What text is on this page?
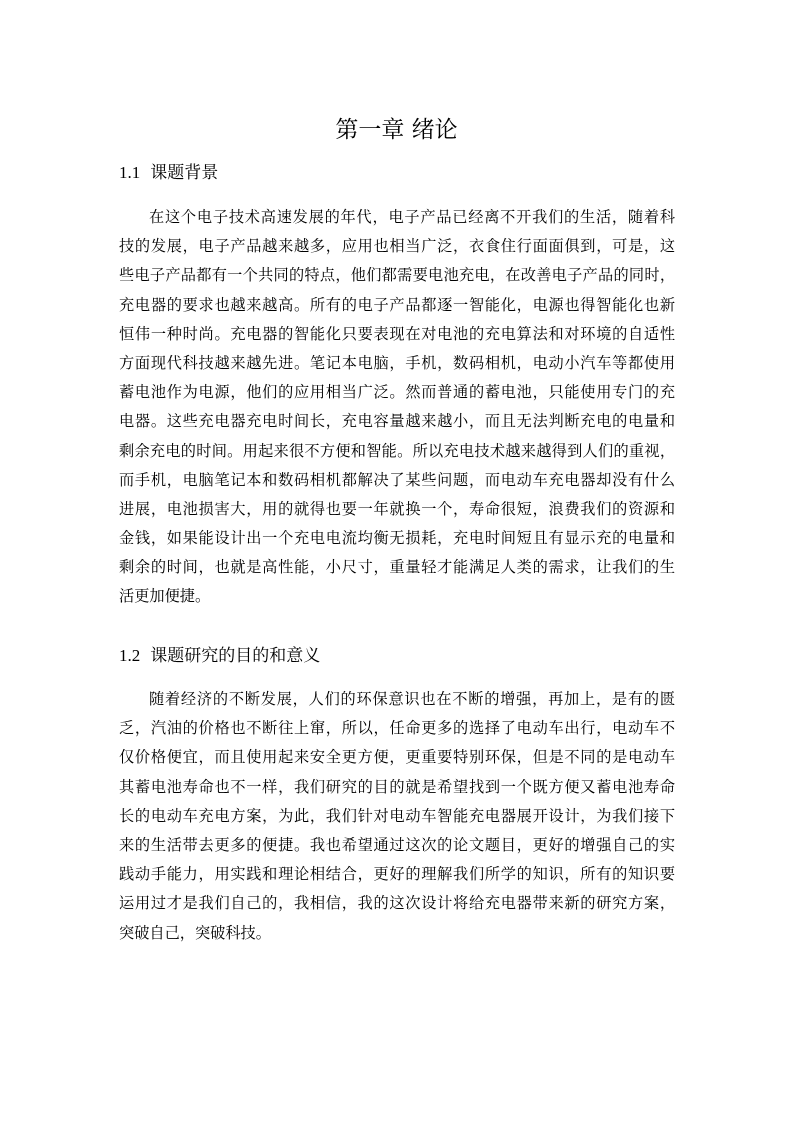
第一章 绪论
1.1 课题背景
在这个电子技术高速发展的年代，电子产品已经离不开我们的生活，随着科
技的发展，电子产品越来越多，应用也相当广泛，衣食住行面面俱到，可是，这
些电子产品都有一个共同的特点，他们都需要电池充电，在改善电子产品的同时，
充电器的要求也越来越高。所有的电子产品都逐一智能化，电源也得智能化也新
恒伟一种时尚。充电器的智能化只要表现在对电池的充电算法和对环境的自适性
方面现代科技越来越先进。笔记本电脑，手机，数码相机，电动小汽车等都使用
蓄电池作为电源，他们的应用相当广泛。然而普通的蓄电池，只能使用专门的充
电器。这些充电器充电时间长，充电容量越来越小，而且无法判断充电的电量和
剩余充电的时间。用起来很不方便和智能。所以充电技术越来越得到人们的重视，
而手机，电脑笔记本和数码相机都解决了某些问题，而电动车充电器却没有什么
进展，电池损害大，用的就得也要一年就换一个，寿命很短，浪费我们的资源和
金钱，如果能设计出一个充电电流均衡无损耗，充电时间短且有显示充的电量和
剩余的时间，也就是高性能，小尺寸，重量轻才能满足人类的需求，让我们的生
活更加便捷。
1.2 课题研究的目的和意义
随着经济的不断发展，人们的环保意识也在不断的增强，再加上，是有的匮
乏，汽油的价格也不断往上窜，所以，任命更多的选择了电动车出行，电动车不
仅价格便宜，而且使用起来安全更方便，更重要特别环保，但是不同的是电动车
其蓄电池寿命也不一样，我们研究的目的就是希望找到一个既方便又蓄电池寿命
长的电动车充电方案，为此，我们针对电动车智能充电器展开设计，为我们接下
来的生活带去更多的便捷。我也希望通过这次的论文题目，更好的增强自己的实
践动手能力，用实践和理论相结合，更好的理解我们所学的知识，所有的知识要
运用过才是我们自己的，我相信，我的这次设计将给充电器带来新的研究方案，
突破自己，突破科技。
